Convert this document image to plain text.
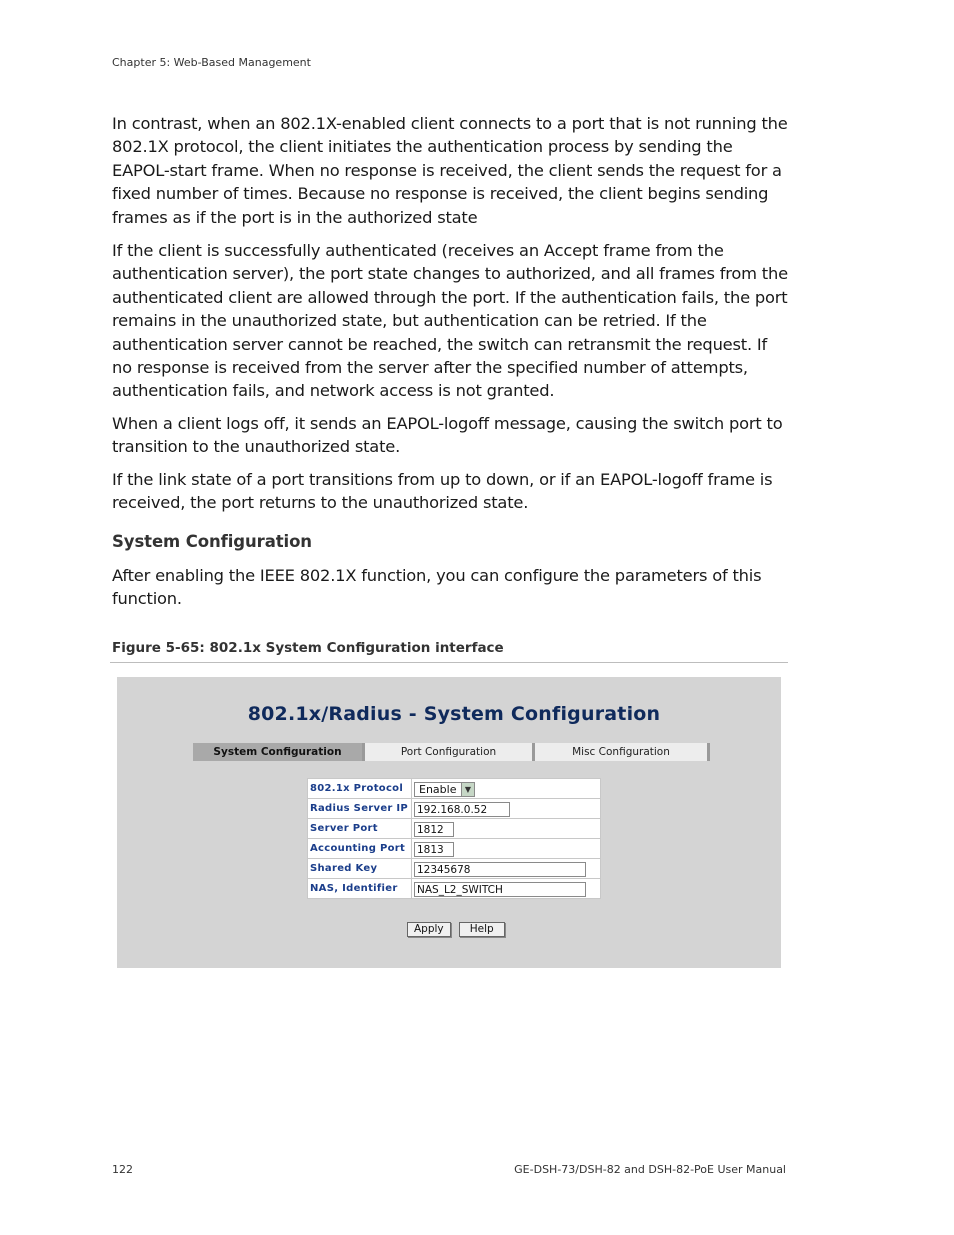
Chapter 5: Web-Based Management

In contrast, when an 802.1X-enabled client connects to a port that is not running the 802.1X protocol, the client initiates the authentication process by sending the EAPOL-start frame. When no response is received, the client sends the request for a fixed number of times. Because no response is received, the client begins sending frames as if the port is in the authorized state

If the client is successfully authenticated (receives an Accept frame from the authentication server), the port state changes to authorized, and all frames from the authenticated client are allowed through the port. If the authentication fails, the port remains in the unauthorized state, but authentication can be retried. If the authentication server cannot be reached, the switch can retransmit the request. If no response is received from the server after the specified number of attempts, authentication fails, and network access is not granted.

When a client logs off, it sends an EAPOL-logoff message, causing the switch port to transition to the unauthorized state.

If the link state of a port transitions from up to down, or if an EAPOL-logoff frame is received, the port returns to the unauthorized state.

System Configuration

After enabling the IEEE 802.1X function, you can configure the parameters of this function.

Figure 5-65: 802.1x System Configuration interface
802.1x/Radius - System Configuration
System Configuration	Port Configuration	Misc Configuration
802.1x Protocol	Enable ▼

Radius Server IP	192.168.0.52
Server Port	1812
Accounting Port	1813
Shared Key	12345678
NAS, Identifier	NAS_L2_SWITCH
Apply Help
122	GE-DSH-73/DSH-82 and DSH-82-PoE User Manual
